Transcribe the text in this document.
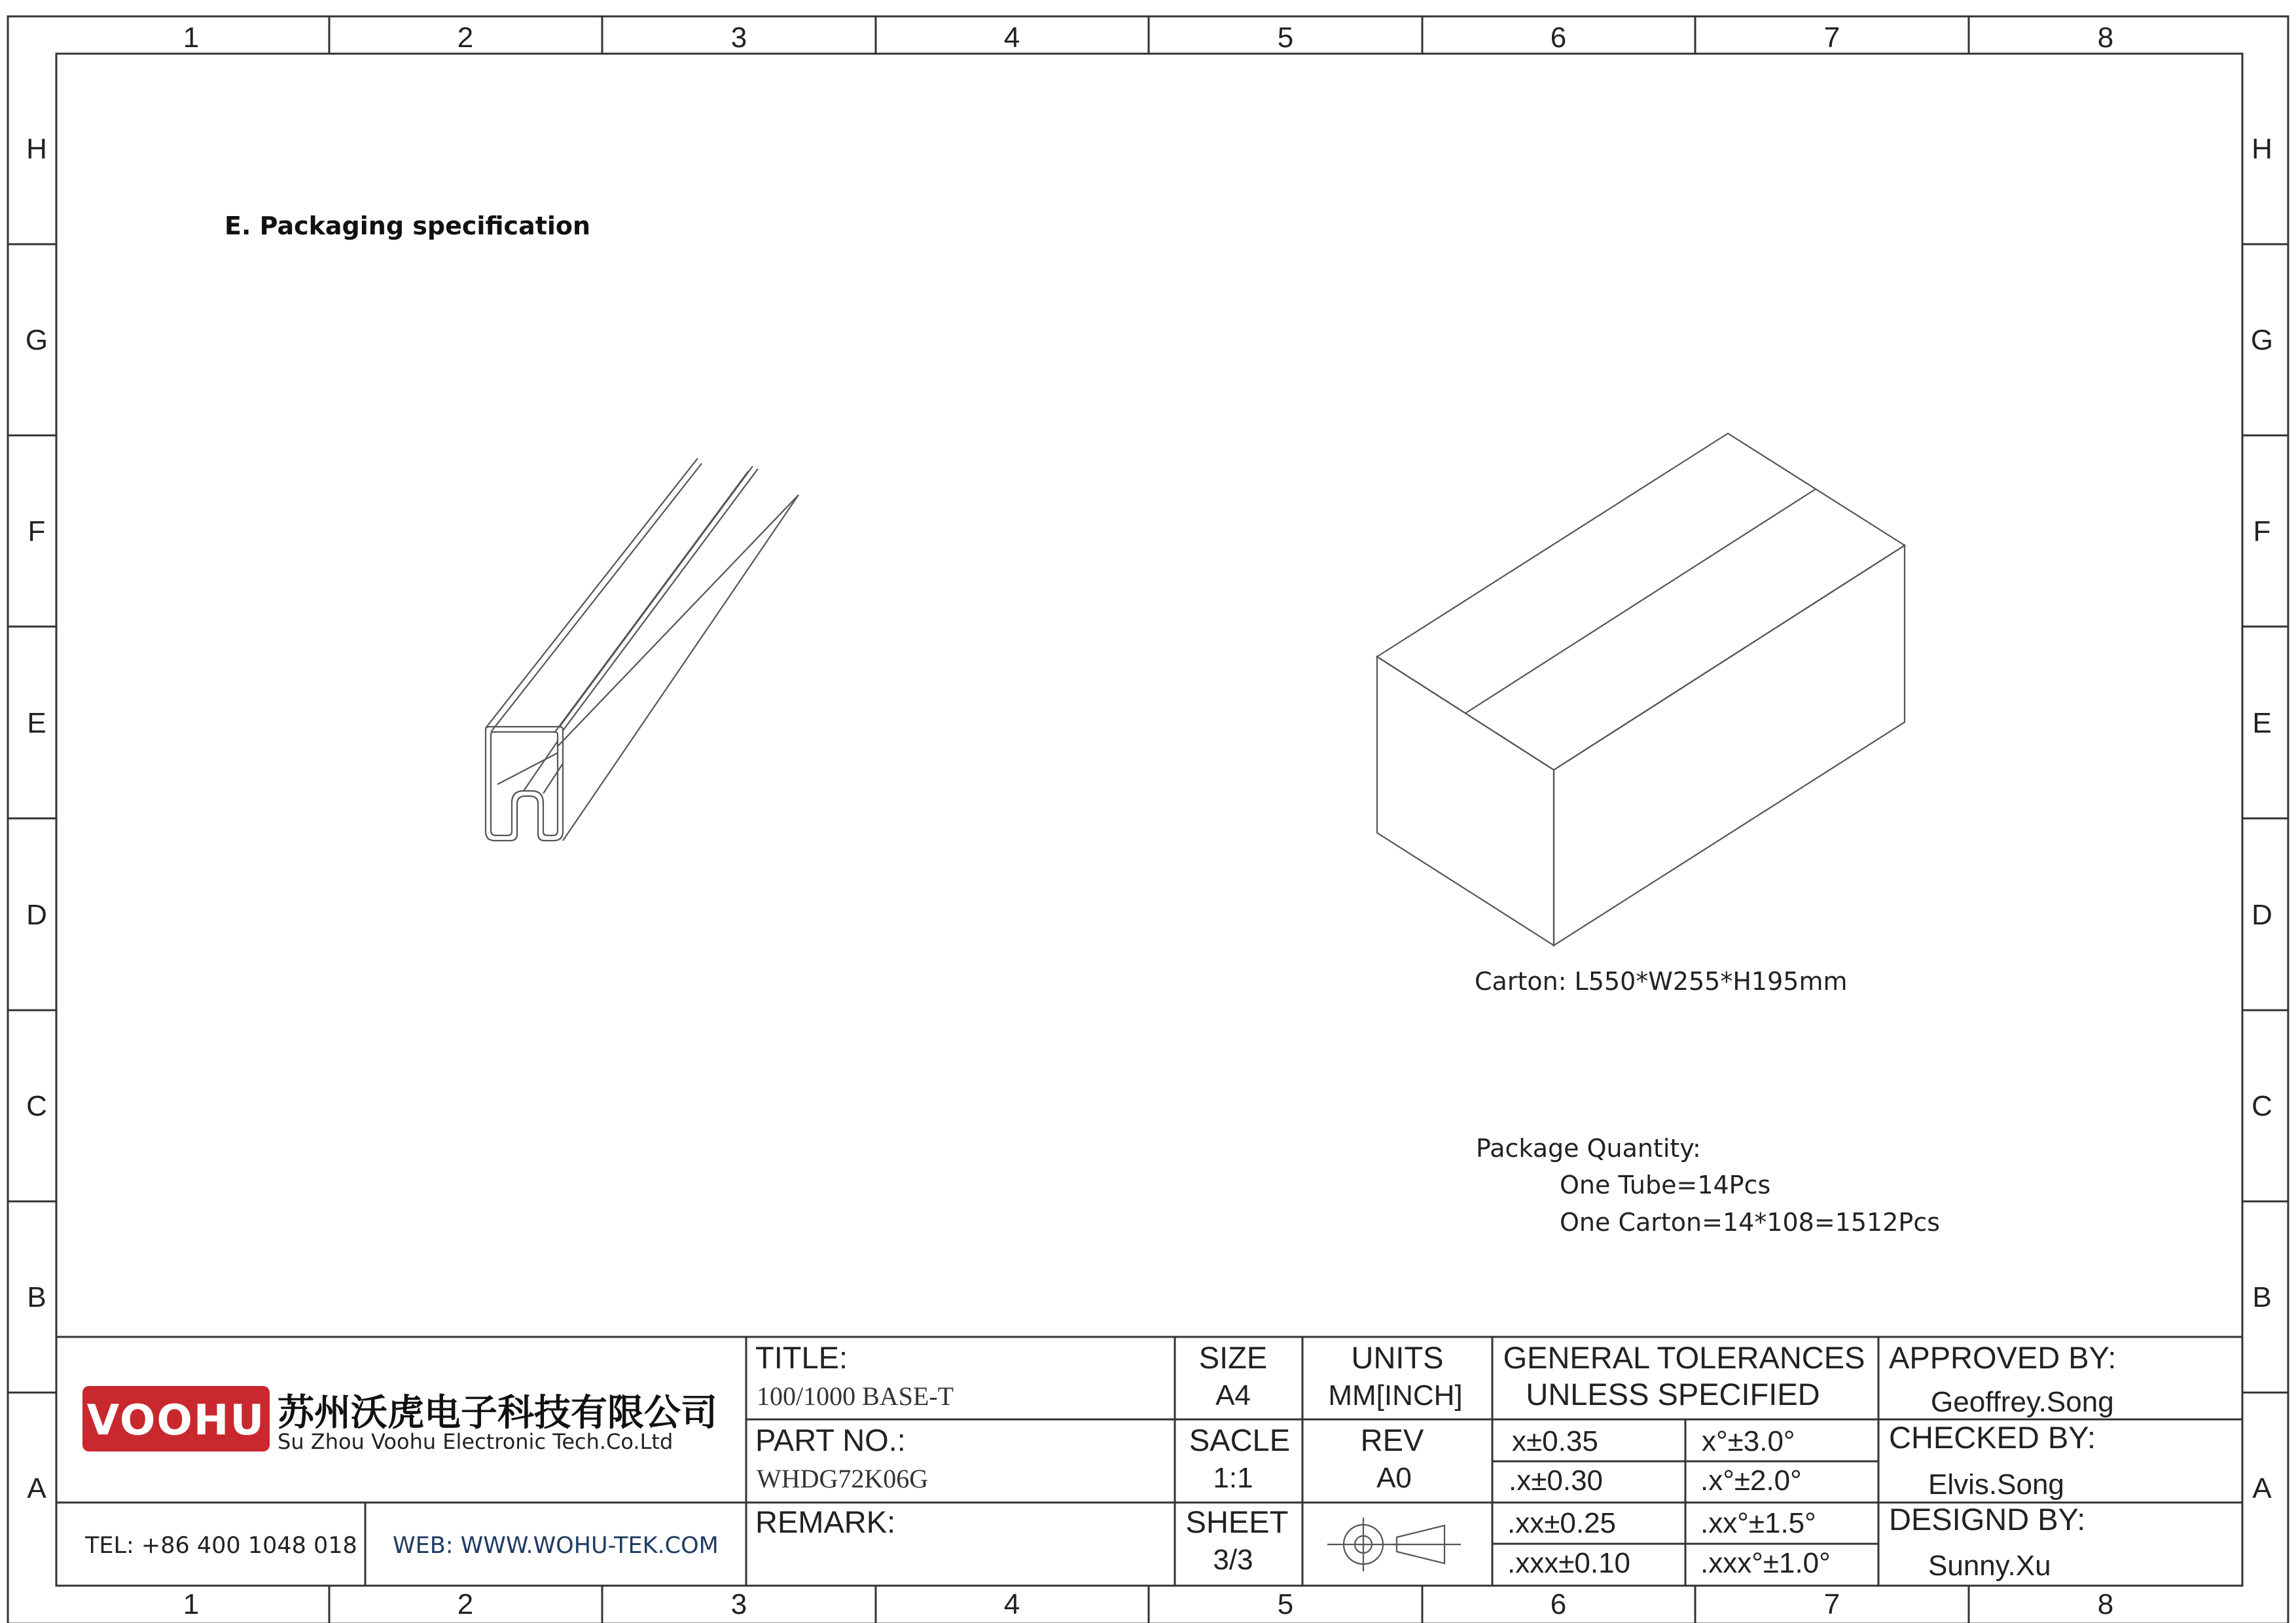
1	2	3	4	5	6	7	8
1	2	3	4	5	6	7	8
H
G
F
E
D
C
B
A
H
G
F
E
D
C
B
A
E. Packaging specification
Carton: L550*W255*H195mm
Package Quantity:
One Tube=14Pcs
One Carton=14*108=1512Pcs
VOOHU 苏州沃虎电子科技有限公司
Su Zhou Voohu Electronic Tech.Co.Ltd
TEL: +86 400 1048 018 WEB: WWW.WOHU-TEK.COM
TITLE:
100/1000 BASE-T
PART NO.:
WHDG72K06G
REMARK:
SIZE
A4
SACLE
1:1
SHEET
3/3
UNITS
MM[INCH]
REV
A0
GENERAL TOLERANCES
UNLESS SPECIFIED
x±0.35	x°±3.0°
.x±0.30	.x°±2.0°
.xx±0.25	.xx°±1.5°
.xxx±0.10 .xxx°±1.0°
APPROVED BY:
Geoffrey.Song
CHECKED BY:
Elvis.Song
DESIGND BY:
Sunny.Xu
